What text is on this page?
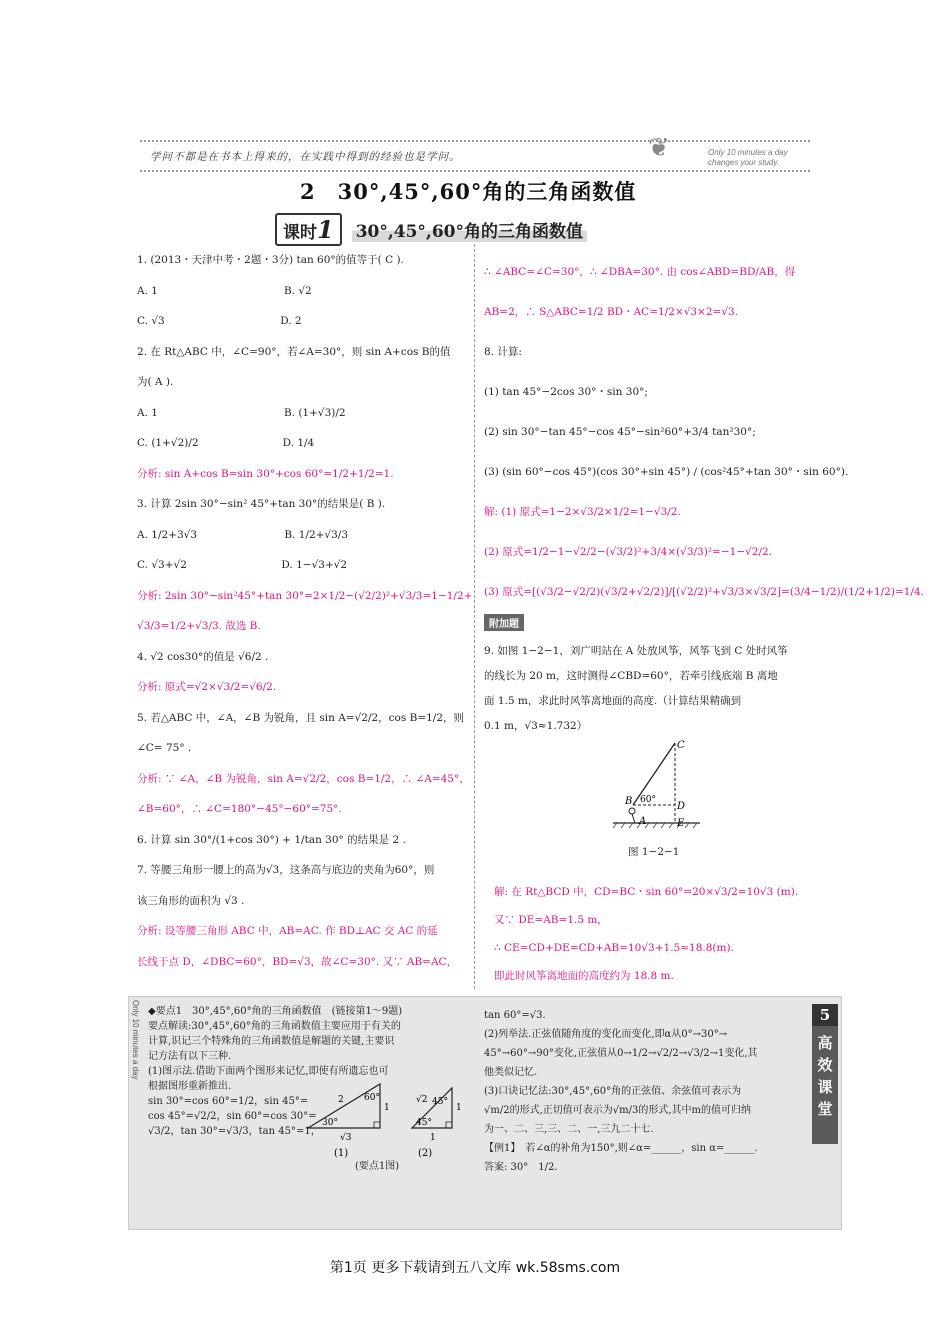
学问不都是在书本上得来的，在实践中得到的经验也是学问。	❦	Only 10 minutes a day
changes your study.
2　30°,45°,60°角的三角函数值
课时1	30°,45°,60°角的三角函数值
1. (2013・天津中考・2题・3分) tan 60°的值等于( C ).
A. 1　　　　　　　　　　　　B. √2
C. √3　　　　　　　　　　　D. 2
2. 在 Rt△ABC 中，∠C=90°，若∠A=30°，则 sin A+cos B的值
为( A ).
A. 1　　　　　　　　　　　　B. (1+√3)/2
C. (1+√2)/2　　　　　　　　D. 1/4
分析: sin A+cos B=sin 30°+cos 60°=1/2+1/2=1.
3. 计算 2sin 30°−sin² 45°+tan 30°的结果是( B ).
A. 1/2+3√3　　　　　　　　 B. 1/2+√3/3
C. √3+√2　　　　　　　　　D. 1−√3+√2
分析: 2sin 30°−sin²45°+tan 30°=2×1/2−(√2/2)²+√3/3=1−1/2+
√3/3=1/2+√3/3. 故选 B.
4. √2 cos30°的值是 √6/2 .
分析: 原式=√2×√3/2=√6/2.
5. 若△ABC 中，∠A，∠B 为锐角，且 sin A=√2/2，cos B=1/2，则
∠C= 75° .
分析: ∵ ∠A，∠B 为锐角，sin A=√2/2，cos B=1/2，∴ ∠A=45°，
∠B=60°，∴ ∠C=180°−45°−60°=75°.
6. 计算 sin 30°/(1+cos 30°) + 1/tan 30° 的结果是 2 .
7. 等腰三角形一腰上的高为√3，这条高与底边的夹角为60°，则
该三角形的面积为 √3 .
分析: 设等腰三角形 ABC 中，AB=AC. 作 BD⊥AC 交 AC 的延
长线于点 D，∠DBC=60°，BD=√3，故∠C=30°. 又∵ AB=AC，
∴ ∠ABC=∠C=30°，∴ ∠DBA=30°. 由 cos∠ABD=BD/AB，得
AB=2，∴ S△ABC=1/2 BD・AC=1/2×√3×2=√3.
8. 计算:
(1) tan 45°−2cos 30°・sin 30°;
(2) sin 30°−tan 45°−cos 45°−sin²60°+3/4 tan²30°;
(3) (sin 60°−cos 45°)(cos 30°+sin 45°) / (cos²45°+tan 30°・sin 60°).
解: (1) 原式=1−2×√3/2×1/2=1−√3/2.
(2) 原式=1/2−1−√2/2−(√3/2)²+3/4×(√3/3)²=−1−√2/2.
(3) 原式=[(√3/2−√2/2)(√3/2+√2/2)]/[(√2/2)²+√3/3×√3/2]=(3/4−1/2)/(1/2+1/2)=1/4.
附加题
9. 如图 1−2−1，刘广明站在 A 处放风筝，风筝飞到 C 处时风筝
的线长为 20 m，这时测得∠CBD=60°，若牵引线底端 B 离地
面 1.5 m，求此时风筝离地面的高度.（计算结果精确到
0.1 m，√3≈1.732）
C
B	D
A	E
60°
图 1−2−1
解: 在 Rt△BCD 中，CD=BC・sin 60°=20×√3/2=10√3 (m).
又∵ DE=AB=1.5 m，
∴ CE=CD+DE=CD+AB=10√3+1.5≈18.8(m).
即此时风筝离地面的高度约为 18.8 m.
Only 10 minutes a day ◆要点1　30°,45°,60°角的三角函数值　(链接第1～9题)
要点解读:30°,45°,60°角的三角函数值主要应用于有关的
计算,识记三个特殊角的三角函数值是解题的关键,主要识
记方法有以下三种.
(1)图示法.借助下面两个图形来记忆,即使有所遗忘也可
根据图形重新推出.
sin 30°=cos 60°=1/2，sin 45°=
cos 45°=√2/2，sin 60°=cos 30°=
√3/2，tan 30°=√3/3，tan 45°=1，
tan 60°=√3.
(2)列举法.正弦值随角度的变化而变化,即α从0°→30°→
45°→60°→90°变化,正弦值从0→1/2→√2/2→√3/2→1变化,其
他类似记忆.
(3)口诀记忆法:30°,45°,60°角的正弦值、余弦值可表示为
√m/2的形式,正切值可表示为√m/3的形式,其中m的值可归纳
为一、二、三,三、二、一,三九二十七.
【例1】　若∠α的补角为150°,则∠α=______，sin α=______.
答案: 30°　1/2.
60°
30°
2
1
√3
45°
45°
√2
1
1
(1)	(2)
(要点1图)
5
高
效
课
堂
第1页 更多下载请到五八文库 wk.58sms.com
